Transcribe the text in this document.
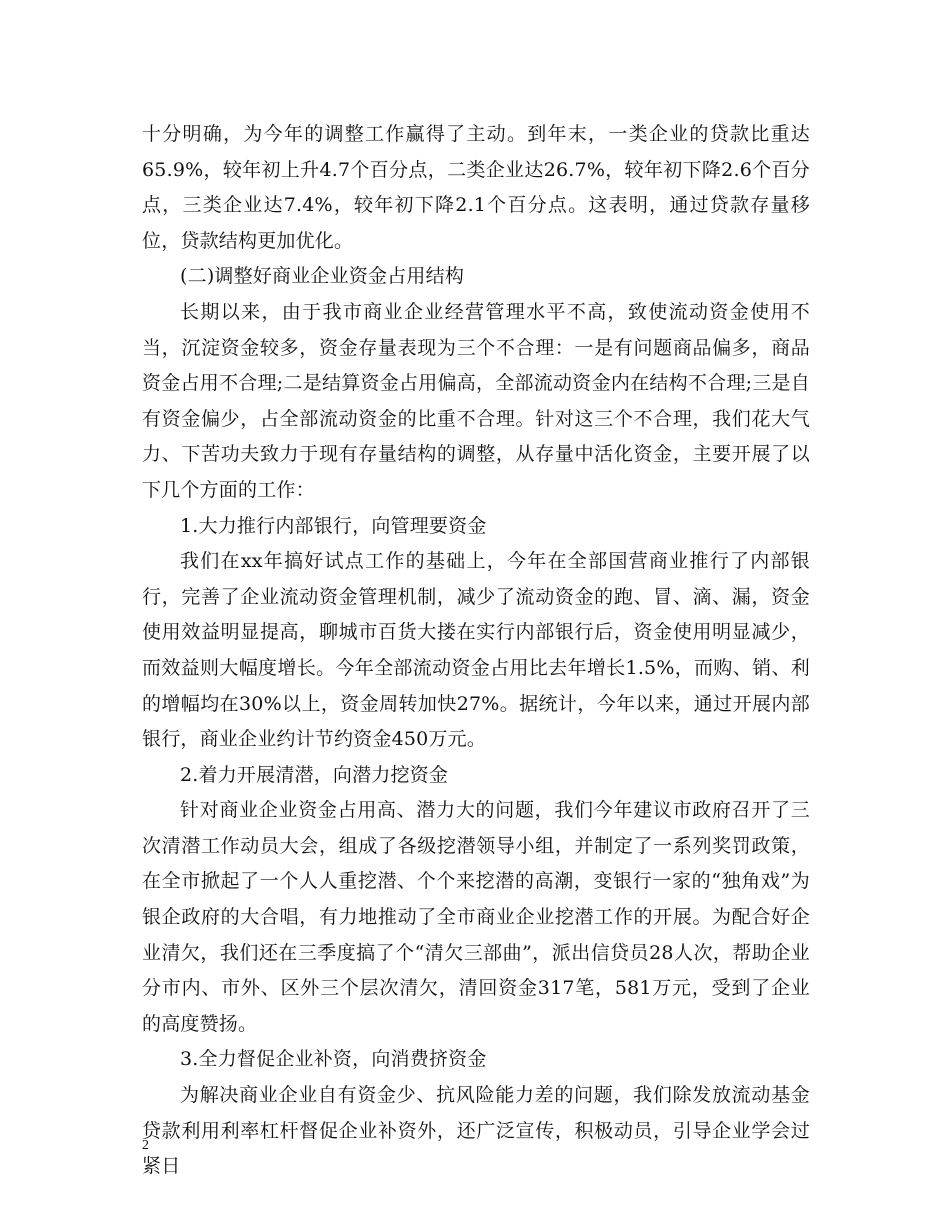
十分明确，为今年的调整工作赢得了主动。到年末，一类企业的贷款比重达65.9%，较年初上升4.7个百分点，二类企业达26.7%，较年初下降2.6个百分点，三类企业达7.4%，较年初下降2.1个百分点。这表明，通过贷款存量移位，贷款结构更加优化。

(二)调整好商业企业资金占用结构

长期以来，由于我市商业企业经营管理水平不高，致使流动资金使用不当，沉淀资金较多，资金存量表现为三个不合理：一是有问题商品偏多，商品资金占用不合理;二是结算资金占用偏高，全部流动资金内在结构不合理;三是自有资金偏少，占全部流动资金的比重不合理。针对这三个不合理，我们花大气力、下苦功夫致力于现有存量结构的调整，从存量中活化资金，主要开展了以下几个方面的工作：

1.大力推行内部银行，向管理要资金

我们在xx年搞好试点工作的基础上，今年在全部国营商业推行了内部银行，完善了企业流动资金管理机制，减少了流动资金的跑、冒、滴、漏，资金使用效益明显提高，聊城市百货大搂在实行内部银行后，资金使用明显减少，而效益则大幅度增长。今年全部流动资金占用比去年增长1.5%，而购、销、利的增幅均在30%以上，资金周转加快27%。据统计，今年以来，通过开展内部银行，商业企业约计节约资金450万元。

2.着力开展清潜，向潜力挖资金

针对商业企业资金占用高、潜力大的问题，我们今年建议市政府召开了三次清潜工作动员大会，组成了各级挖潜领导小组，并制定了一系列奖罚政策，在全市掀起了一个人人重挖潜、个个来挖潜的高潮，变银行一家的“独角戏”为银企政府的大合唱，有力地推动了全市商业企业挖潜工作的开展。为配合好企业清欠，我们还在三季度搞了个“清欠三部曲”，派出信贷员28人次，帮助企业分市内、市外、区外三个层次清欠，清回资金317笔，581万元，受到了企业的高度赞扬。

3.全力督促企业补资，向消费挤资金

为解决商业企业自有资金少、抗风险能力差的问题，我们除发放流动基金贷款利用利率杠杆督促企业补资外，还广泛宣传，积极动员，引导企业学会过紧日

2
